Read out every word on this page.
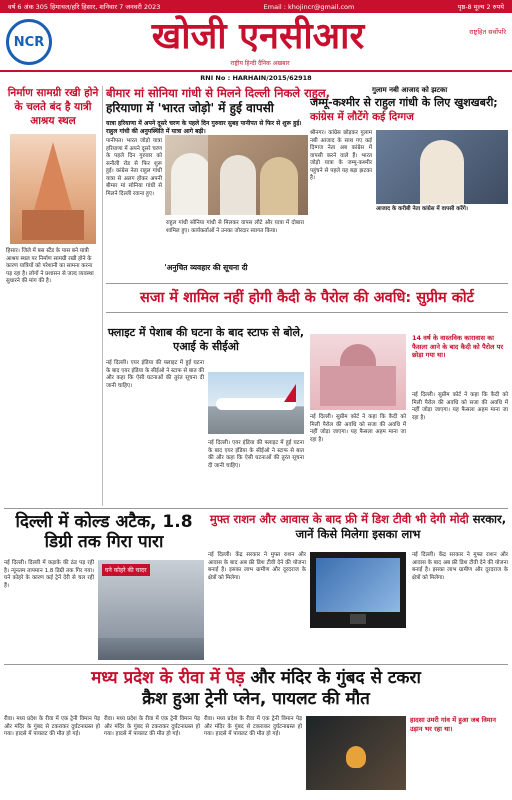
वर्ष 6 अंक 305 हिमाचल/हरि हिसार, शनिवार 7 जनवरी 2023	Email : khojincr@gmail.com	पृष्ठ-8 मूल्य 2 रुपये
NCR	खोजी एनसीआर
राष्ट्रीय हिन्दी दैनिक अखबार
राष्ट्रहित सर्वोपरि
RNI No : HARHAIN/2015/62918
निर्माण सामग्री रखी होने के चलते बंद है यात्री आश्रय स्थल
हिसार। जिले में बस स्टैंड के पास बने यात्री आश्रय स्थल पर निर्माण सामग्री रखी होने के कारण यात्रियों को परेशानी का सामना करना पड़ रहा है। लोगों ने प्रशासन से जल्द व्यवस्था सुधारने की मांग की है।
बीमार मां सोनिया गांधी से मिलने दिल्ली निकले राहुल,
हरियाणा में 'भारत जोड़ो' में हुई वापसी
यात्रा हरियाणा में अपने दूसरे चरण के पहले दिन गुरुवार सुबह पानीपत से फिर से शुरू हुई। राहुल गांधी की अनुपस्थिति में यात्रा आगे बढ़ी।
गुलाम नबी आजाद को झटका
जम्मू-कश्मीर से राहुल गांधी के लिए खुशखबरी;
कांग्रेस में लौटेंगे कई दिग्गज
पानीपत। भारत जोड़ो यात्रा हरियाणा में अपने दूसरे चरण के पहले दिन गुरुवार को सनौली रोड से फिर शुरू हुई। कांग्रेस नेता राहुल गांधी यात्रा से अलग होकर अपनी बीमार मां सोनिया गांधी से मिलने दिल्ली रवाना हुए।
राहुल गांधी सोनिया गांधी से मिलकर वापस लौटे और यात्रा में दोबारा शामिल हुए। कार्यकर्ताओं ने उनका जोरदार स्वागत किया।
'अनुचित व्यवहार की सूचना दी
श्रीनगर। कांग्रेस छोड़कर गुलाम नबी आजाद के साथ गए कई दिग्गज नेता अब कांग्रेस में वापसी करने वाले हैं। भारत जोड़ो यात्रा के जम्मू-कश्मीर पहुंचने से पहले यह बड़ा झटका है।
आजाद के करीबी नेता कांग्रेस में वापसी करेंगे।
सजा में शामिल नहीं होगी कैदी के पैरोल की अवधि: सुप्रीम कोर्ट
फ्लाइट में पेशाब की घटना के बाद स्टाफ से बोले, एआई के सीईओ
नई दिल्ली। एयर इंडिया की फ्लाइट में हुई घटना के बाद एयर इंडिया के सीईओ ने स्टाफ से बात की और कहा कि ऐसी घटनाओं की तुरंत सूचना दी जानी चाहिए।
नई दिल्ली। एयर इंडिया की फ्लाइट में हुई घटना के बाद एयर इंडिया के सीईओ ने स्टाफ से बात की और कहा कि ऐसी घटनाओं की तुरंत सूचना दी जानी चाहिए।
नई दिल्ली। सुप्रीम कोर्ट ने कहा कि कैदी को मिली पैरोल की अवधि को सजा की अवधि में नहीं जोड़ा जाएगा। यह फैसला अहम माना जा रहा है।
14 वर्ष के वास्तविक कारावास का फैसला आने के बाद कैदी को पैरोल पर छोड़ा गया था।
नई दिल्ली। सुप्रीम कोर्ट ने कहा कि कैदी को मिली पैरोल की अवधि को सजा की अवधि में नहीं जोड़ा जाएगा। यह फैसला अहम माना जा रहा है।
दिल्ली में कोल्ड अटैक, 1.8 डिग्री तक गिरा पारा
नई दिल्ली। दिल्ली में कड़ाके की ठंड पड़ रही है। न्यूनतम तापमान 1.8 डिग्री तक गिर गया। घने कोहरे के कारण कई ट्रेनें देरी से चल रही हैं।
घने कोहरे की चादर
मुफ्त राशन और आवास के बाद फ्री में डिश टीवी भी देगी मोदी सरकार, जानें किसे मिलेगा इसका लाभ
नई दिल्ली। केंद्र सरकार ने मुफ्त राशन और आवास के बाद अब फ्री डिश टीवी देने की योजना बनाई है। इसका लाभ ग्रामीण और दूरदराज के क्षेत्रों को मिलेगा।
नई दिल्ली। केंद्र सरकार ने मुफ्त राशन और आवास के बाद अब फ्री डिश टीवी देने की योजना बनाई है। इसका लाभ ग्रामीण और दूरदराज के क्षेत्रों को मिलेगा।
मध्य प्रदेश के रीवा में पेड़ और मंदिर के गुंबद से टकरा
क्रैश हुआ ट्रेनी प्लेन, पायलट की मौत
रीवा। मध्य प्रदेश के रीवा में एक ट्रेनी विमान पेड़ और मंदिर के गुंबद से टकराकर दुर्घटनाग्रस्त हो गया। हादसे में पायलट की मौत हो गई।
रीवा। मध्य प्रदेश के रीवा में एक ट्रेनी विमान पेड़ और मंदिर के गुंबद से टकराकर दुर्घटनाग्रस्त हो गया। हादसे में पायलट की मौत हो गई।
रीवा। मध्य प्रदेश के रीवा में एक ट्रेनी विमान पेड़ और मंदिर के गुंबद से टकराकर दुर्घटनाग्रस्त हो गया। हादसे में पायलट की मौत हो गई।
हादसा उमरी गांव में हुआ जब विमान उड़ान भर रहा था।
